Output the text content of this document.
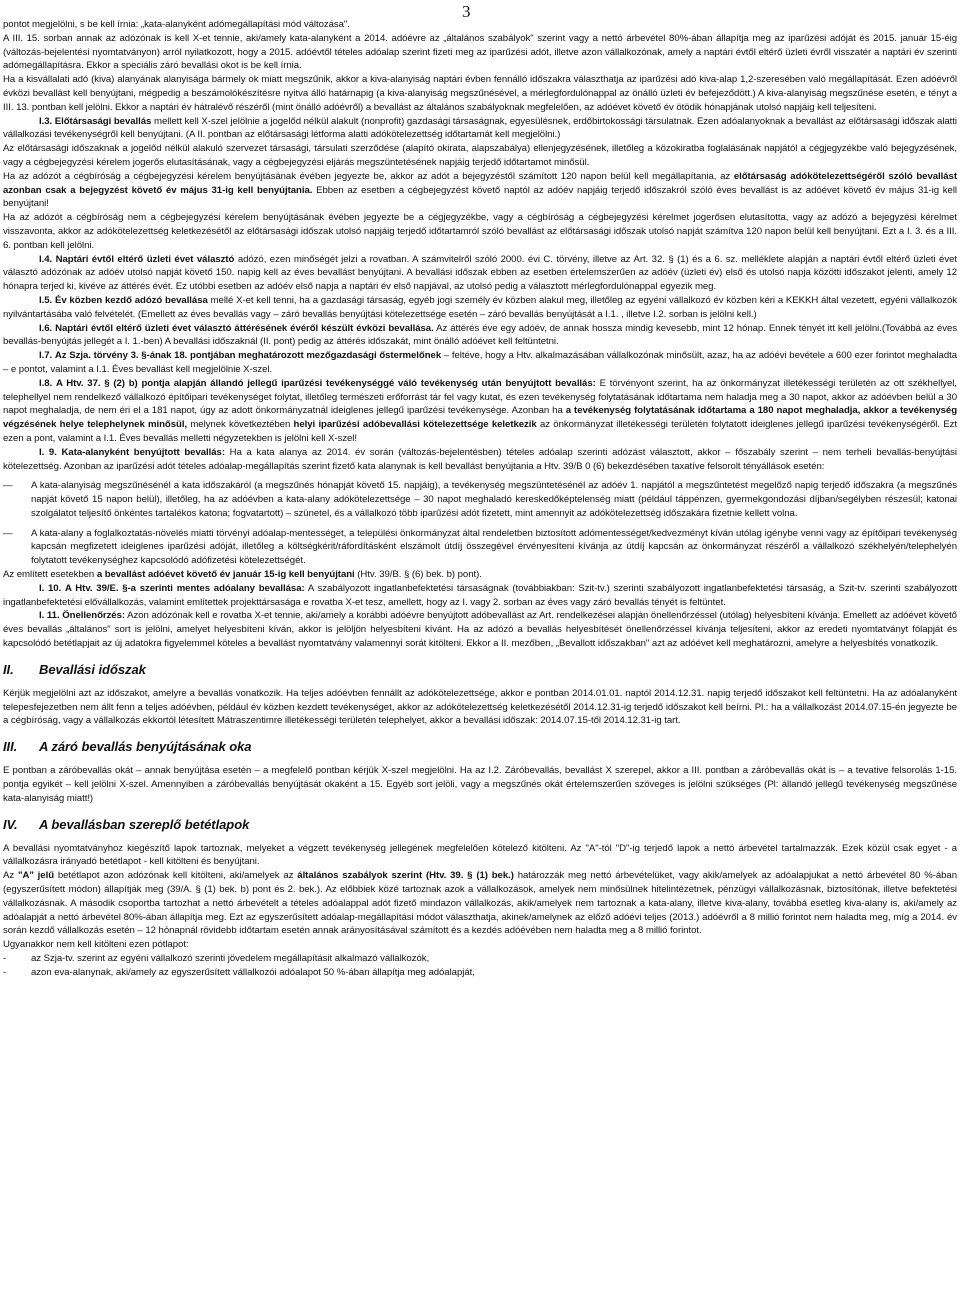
3

pontot megjelölni, s be kell írnia: „kata-alanyként adómegállapítási mód változása".

A III. 15. sorban annak az adózónak is kell X-et tennie, aki/amely kata-alanyként a 2014. adóévre az „általános szabályok" szerint vagy a nettó árbevétel 80%-ában állapítja meg az iparűzési adóját és 2015. január 15-éig (változás-bejelentési nyomtatványon) arról nyilatkozott, hogy a 2015. adóévtől tételes adóalap szerint fizeti meg az iparűzési adót, illetve azon vállalkozónak, amely a naptári évtől eltérő üzleti évről visszatér a naptári év szerinti adómegállapításra. Ekkor a speciális záró bevallási okot is be kell írnia.

Ha a kisvállalati adó (kiva) alanyának alanyisága bármely ok miatt megszűnik, akkor a kiva-alanyiság naptári évben fennálló időszakra választhatja az iparűzési adó kiva-alap 1,2-szeresében való megállapítását. Ezen adóévről évközi bevallást kell benyújtani, mégpedig a beszámolókészítésre nyitva álló határnapig (a kiva-alanyiság megszűnésével, a mérlegfordulónappal az önálló üzleti év befejeződött.) A kiva-alanyiság megszűnése esetén, e tényt a III. 13. pontban kell jelölni. Ekkor a naptári év hátralévő részéről (mint önálló adóévről) a bevallást az általános szabályoknak megfelelően, az adóévet követő év ötödik hónapjának utolsó napjáig kell teljesíteni.

I.3. Előtársasági bevallás mellett kell X-szel jelölnie a jogelőd nélkül alakult (nonprofit) gazdasági társaságnak, egyesülésnek, erdőbirtokossági társulatnak. Ezen adóalanyoknak a bevallást az előtársasági időszak alatti vállalkozási tevékenységről kell benyújtani. (A II. pontban az előtársasági létforma alatti adókötelezettség időtartamát kell megjelölni.)

Az előtársasági időszaknak a jogelőd nélkül alakuló szervezet társasági, társulati szerződése (alapító okirata, alapszabálya) ellenjegyzésének, illetőleg a közokiratba foglalásának napjától a cégjegyzékbe való bejegyzésének, vagy a cégbejegyzési kérelem jogerős elutasításának, vagy a cégbejegyzési eljárás megszüntetésének napjáig terjedő időtartamot minősül.

Ha az adózót a cégbíróság a cégbejegyzési kérelem benyújtásának évében jegyezte be, akkor az adót a bejegyzéstől számított 120 napon belül kell megállapítania, az előtársaság adókötelezettségéről szóló bevallást azonban csak a bejegyzést követő év május 31-ig kell benyújtania. Ebben az esetben a cégbejegyzést követő naptól az adóév napjáig terjedő időszakról szóló éves bevallást is az adóévet követő év május 31-ig kell benyújtani!

Ha az adózót a cégbíróság nem a cégbejegyzési kérelem benyújtásának évében jegyezte be a cégjegyzékbe, vagy a cégbíróság a cégbejegyzési kérelmet jogerősen elutasította, vagy az adózó a bejegyzési kérelmet visszavonta, akkor az adókötelezettség keletkezésétől az előtársasági időszak utolsó napjáig terjedő időtartamról szóló bevallást az előtársasági időszak utolsó napját számítva 120 napon belül kell benyújtani. Ezt a I. 3. és a III. 6. pontban kell jelölni.

I.4. Naptári évtől eltérő üzleti évet választó adózó, ezen minőségét jelzi a rovatban. A számvitelről szóló 2000. évi C. törvény, illetve az Art. 32. § (1) és a 6. sz. melléklete alapján a naptári évtől eltérő üzleti évet választó adózónak az adóév utolsó napját követő 150. napig kell az éves bevallást benyújtani. A bevallási időszak ebben az esetben értelemszerűen az adóév (üzleti év) első és utolsó napja közötti időszakot jelenti, amely 12 hónapra terjed ki, kivéve az áttérés évét. Ez utóbbi esetben az adóév első napja a naptári év első napjával, az utolsó pedig a választott mérlegfordulónappal egyezik meg.

I.5. Év közben kezdő adózó bevallása mellé X-et kell tenni, ha a gazdasági társaság, egyéb jogi személy év közben alakul meg, illetőleg az egyéni vállalkozó év közben kéri a KEKKH által vezetett, egyéni vállalkozók nyilvántartásába való felvételét. (Emellett az éves bevallás vagy – záró bevallás benyújtási kötelezettsége esetén – záró bevallás benyújtását a I.1. , illetve I.2. sorban is jelölni kell.)

I.6. Naptári évtől eltérő üzleti évet választó áttérésének évéről készült évközi bevallása. Az áttérés éve egy adóév, de annak hossza mindig kevesebb, mint 12 hónap. Ennek tényét itt kell jelölni.(Továbbá az éves bevallás-benyújtás jellegét a I. 1.-ben) A bevallási időszaknál (II. pont) pedig az áttérés időszakát, mint önálló adóévet kell feltüntetni.

I.7. Az Szja. törvény 3. §-ának 18. pontjában meghatározott mezőgazdasági őstermelőnek – feltéve, hogy a Htv. alkalmazásában vállalkozónak minősült, azaz, ha az adóévi bevétele a 600 ezer forintot meghaladta – e pontot, valamint a I.1. Éves bevallást kell megjelölnie X-szel.

I.8. A Htv. 37. § (2) b) pontja alapján állandó jellegű iparűzési tevékenységgé váló tevékenység után benyújtott bevallás: E törvényont szerint, ha az önkormányzat illetékességi területén az ott székhellyel, telephellyel nem rendelkező vállalkozó építőipari tevékenységet folytat, illetőleg természeti erőforrást tár fel vagy kutat, és ezen tevékenység folytatásának időtartama nem haladja meg a 30 napot, akkor az adóévben belül a 30 napot meghaladja, de nem éri el a 181 napot, úgy az adott önkormányzatnál ideiglenes jellegű iparűzési tevékenysége. Azonban ha a tevékenység folytatásának időtartama a 180 napot meghaladja, akkor a tevékenység végzésének helye telephelynek minősül, melynek következtében helyi iparűzési adóbevallási kötelezettsége keletkezik az önkormányzat illetékességi területén folytatott ideiglenes jellegű iparűzési tevékenységéről. Ezt ezen a pont, valamint a I.1. Éves bevallás melletti négyzetekben is jelölni kell X-szel!

I. 9. Kata-alanyként benyújtott bevallás: Ha a kata alanya az 2014. év során (változás-bejelentésben) tételes adóalap szerinti adózást választott, akkor – főszabály szerint – nem terheli bevallás-benyújtási kötelezettség. Azonban az iparűzési adót tételes adóalap-megállapítás szerint fizető kata alanynak is kell bevallást benyújtania a Htv. 39/B 0 (6) bekezdésében taxatíve felsorolt tényállások esetén:

—	A kata-alanyiság megszűnésénél a kata időszakáról (a megszűnés hónapját követő 15. napjáig), a tevékenység megszüntetésénél az adóév 1. napjától a megszűntetést megelőző napig terjedő időszakra (a megszűnés napját követő 15 napon belül), illetőleg, ha az adóévben a kata-alany adókötelezettsége – 30 napot meghaladó kereskedőképtelenség miatt (például táppénzen, gyermekgondozási díjban/segélyben részesül; katonai szolgálatot teljesítő önkéntes tartalékos katona; fogvatartott) – szünetel, és a vállalkozó több iparűzési adót fizetett, mint amennyit az adókötelezettség időszakára fizetnie kellett volna.
—	A kata-alany a foglalkoztatás-növelés miatti törvényi adóalap-mentességet, a települési önkormányzat által rendeletben biztosított adómentességet/kedvezményt kíván utólag igénybe venni vagy az építőipari tevékenység kapcsán megfizetett ideiglenes iparűzési adóját, illetőleg a költségkérit/ráfordításként elszámolt útdíj összegével érvényesíteni kívánja az útdíj kapcsán az önkormányzat részéről a vállalkozó székhelyén/telephelyén folytatott tevékenységhez kapcsolódó adófizetési kötelezettségét.

Az említett esetekben a bevallást adóévet követő év január 15-ig kell benyújtani (Htv. 39/B. § (6) bek. b) pont).

I. 10. A Htv. 39/E. §-a szerinti mentes adóalany bevallása: A szabályozott ingatlanbefektetési társaságnak (továbbiakban: Szit-tv.) szerinti szabályozott ingatlanbefektetési társaság, a Szit-tv. szerinti szabályozott ingatlanbefektetési elővállalkozás, valamint említettek projekttársasága e rovatba X-et tesz, amellett, hogy az I. vagy 2. sorban az éves vagy záró bevallás tényét is feltüntet.

I. 11. Önellenőrzés: Azon adózónak kell e rovatba X-et tennie, aki/amely a korábbi adóévre benyújtott adóbevallást az Art. rendelkezései alapján önellenőrzéssel (utólag) helyesbíteni kívánja. Emellett az adóévet követő éves bevallás „általános" sort is jelölni, amelyet helyesbíteni kíván, akkor is jelöljön helyesbíteni kívánt. Ha az adózó a bevallás helyesbítését önellenőrzéssel kívánja teljesíteni, akkor az eredeti nyomtatványt fólapját és kapcsolódó betétlapjait az új adatokra figyelemmel köteles a bevallást nyomtatvány valamennyi sorát kitölteni. Ekkor a II. mezőben, „Bevallott időszakban" azt az adóévet kell meghatározni, amelyre a helyesbítés vonatkozik.

II. Bevallási időszak

Kérjük megjelölni azt az időszakot, amelyre a bevallás vonatkozik. Ha teljes adóévben fennállt az adókötelezettsége, akkor e pontban 2014.01.01. naptól 2014.12.31. napig terjedő időszakot kell feltüntetni. Ha az adóalanyként telepesfejezetben nem állt fenn a teljes adóévben, például év közben kezdett tevékenységet, akkor az adókötelezettség keletkezésétől 2014.12.31-ig terjedő időszakot kell beírni. Pl.: ha a vállalkozást 2014.07.15-én jegyezte be a cégbíróság, vagy a vállalkozás ekkortól létesített Mátraszentimre illetékességi területén telephelyet, akkor a bevallási időszak: 2014.07.15-től 2014.12.31-ig tart.

III. A záró bevallás benyújtásának oka

E pontban a záróbevallás okát – annak benyújtása esetén – a megfelelő pontban kérjük X-szel megjelölni. Ha az I.2. Záróbevallás, bevallást X szerepel, akkor a III. pontban a záróbevallás okát is – a tevative felsorolás 1-15. pontja egyikét – kell jelölni X-szel. Amennyiben a záróbevallás benyújtását okaként a 15. Egyéb sort jelöli, vagy a megszűnés okát értelemszerűen szöveges is jelölni szükséges (Pl: állandó jellegű tevékenység megszűnése kata-alanyiság miatt!)

IV. A bevallásban szereplő betétlapok

A bevallási nyomtatványhoz kiegészítő lapok tartoznak, melyeket a végzett tevékenység jellegének megfelelően kötelező kitölteni. Az "A"-tól "D"-ig terjedő lapok a nettó árbevétel tartalmazzák. Ezek közül csak egyet - a vállalkozásra irányadó betétlapot - kell kitölteni és benyújtani.

Az "A" jelű betétlapot azon adózónak kell kitölteni, aki/amelyek az általános szabályok szerint (Htv. 39. § (1) bek.) határozzák meg nettó árbevételüket, vagy akik/amelyek az adóalapjukat a nettó árbevétel 80 %-ában (egyszerűsített módon) állapítják meg (39/A. § (1) bek. b) pont és 2. bek.). Az előbbiek közé tartoznak azok a vállalkozások, amelyek nem minősülnek hitelintézetnek, pénzügyi vállalkozásnak, biztosítónak, illetve befektetési vállalkozásnak. A második csoportba tartozhat a nettó árbevételt a tételes adóalappal adót fizető mindazon vállalkozás, akik/amelyek nem tartoznak a kata-alany, illetve kiva-alany, továbbá esetleg kiva-alany is, aki/amely az adóalapját a nettó árbevétel 80%-ában állapítja meg. Ezt az egyszerűsített adóalap-megállapítási módot választhatja, akinek/amelynek az előző adóévi teljes (2013.) adóévről a 8 millió forintot nem haladta meg, míg a 2014. év során kezdő vállalkozás esetén – 12 hónapnál rövidebb időtartam esetén annak arányosításával számított és a kezdés adóévében nem haladta meg a 8 millió forintot.

Ugyanakkor nem kell kitölteni ezen pótlapot:

-	az Szja-tv. szerint az egyéni vállalkozó szerinti jövedelem megállapításit alkalmazó vállalkozók,
-	azon eva-alanynak, aki/amely az egyszerűsített vállalkozói adóalapot 50 %-ában állapítja meg adóalapját,
